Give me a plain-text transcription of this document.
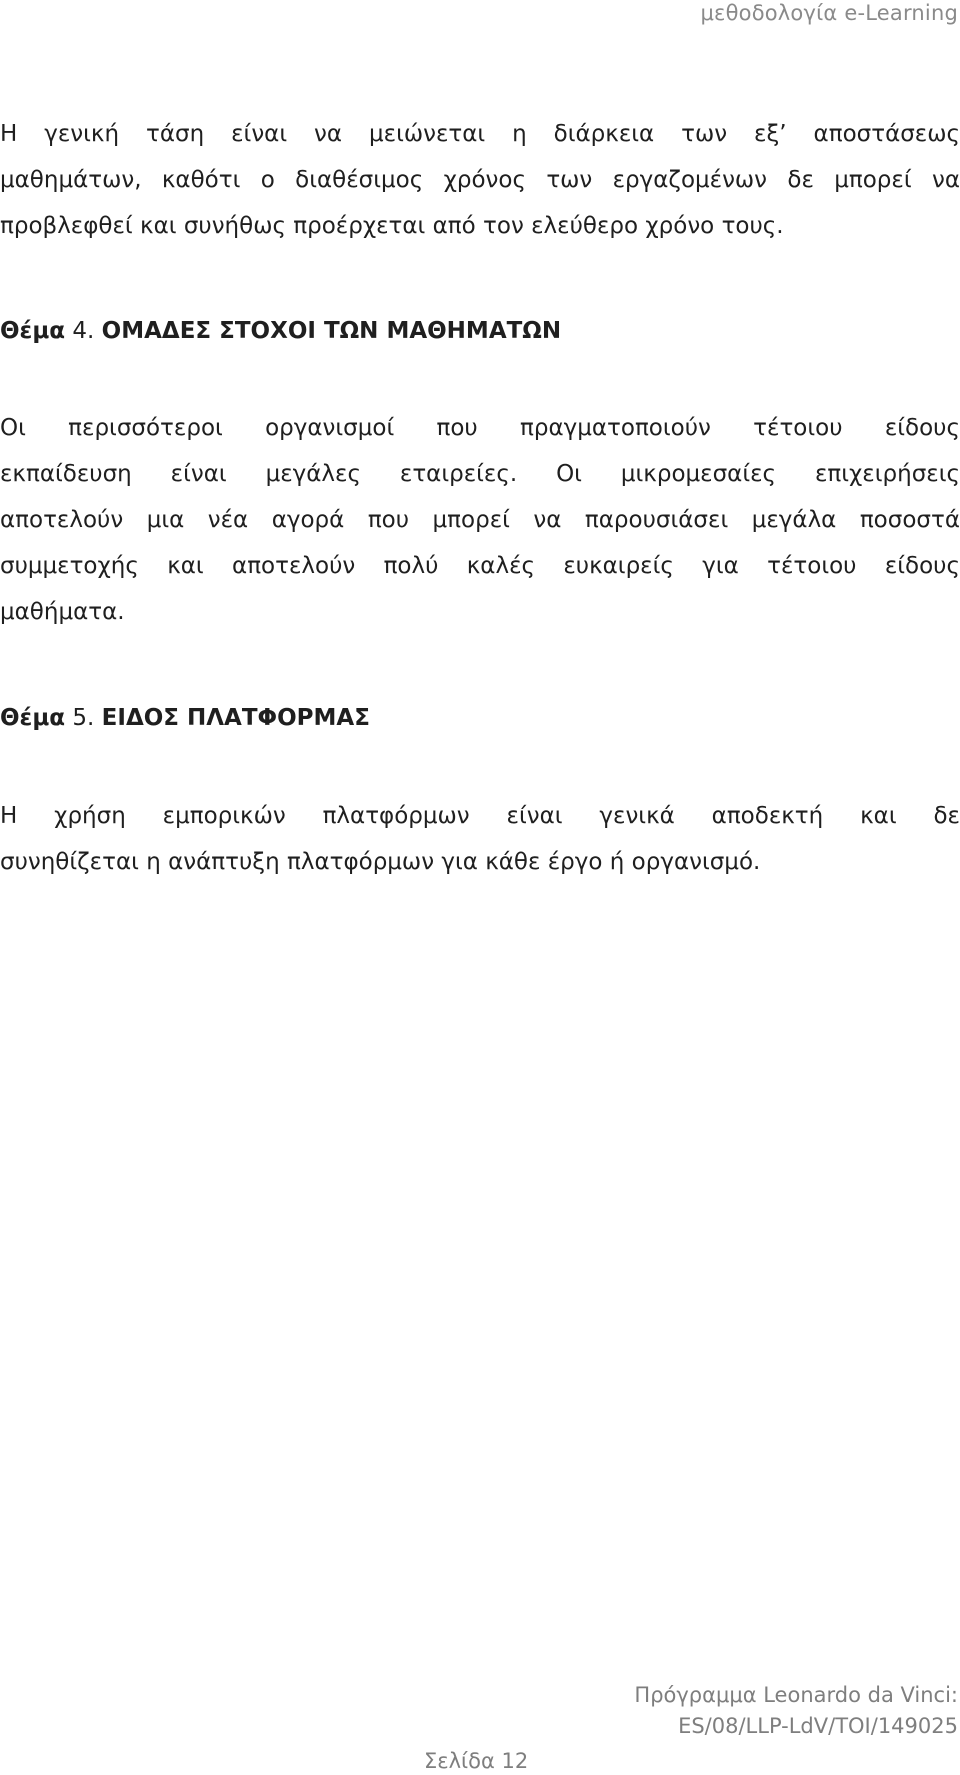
μεθοδολογία e-Learning
Η γενική τάση είναι να μειώνεται η διάρκεια των εξ’ αποστάσεως
μαθημάτων, καθότι ο διαθέσιμος χρόνος των εργαζομένων δε μπορεί να
προβλεφθεί και συνήθως προέρχεται από τον ελεύθερο χρόνο τους.
Θέμα 4. ΟΜΑΔΕΣ ΣΤΟΧΟΙ ΤΩΝ ΜΑΘΗΜΑΤΩΝ
Οι περισσότεροι οργανισμοί που πραγματοποιούν τέτοιου είδους
εκπαίδευση είναι μεγάλες εταιρείες. Οι μικρομεσαίες επιχειρήσεις
αποτελούν μια νέα αγορά που μπορεί να παρουσιάσει μεγάλα ποσοστά
συμμετοχής και αποτελούν πολύ καλές ευκαιρείς για τέτοιου είδους
μαθήματα.
Θέμα 5. ΕΙΔΟΣ ΠΛΑΤΦΟΡΜΑΣ
Η χρήση εμπορικών πλατφόρμων είναι γενικά αποδεκτή και δε
συνηθίζεται η ανάπτυξη πλατφόρμων για κάθε έργο ή οργανισμό.
Πρόγραμμα Leonardo da Vinci:
ES/08/LLP-LdV/TOI/149025
Σελίδα 12
